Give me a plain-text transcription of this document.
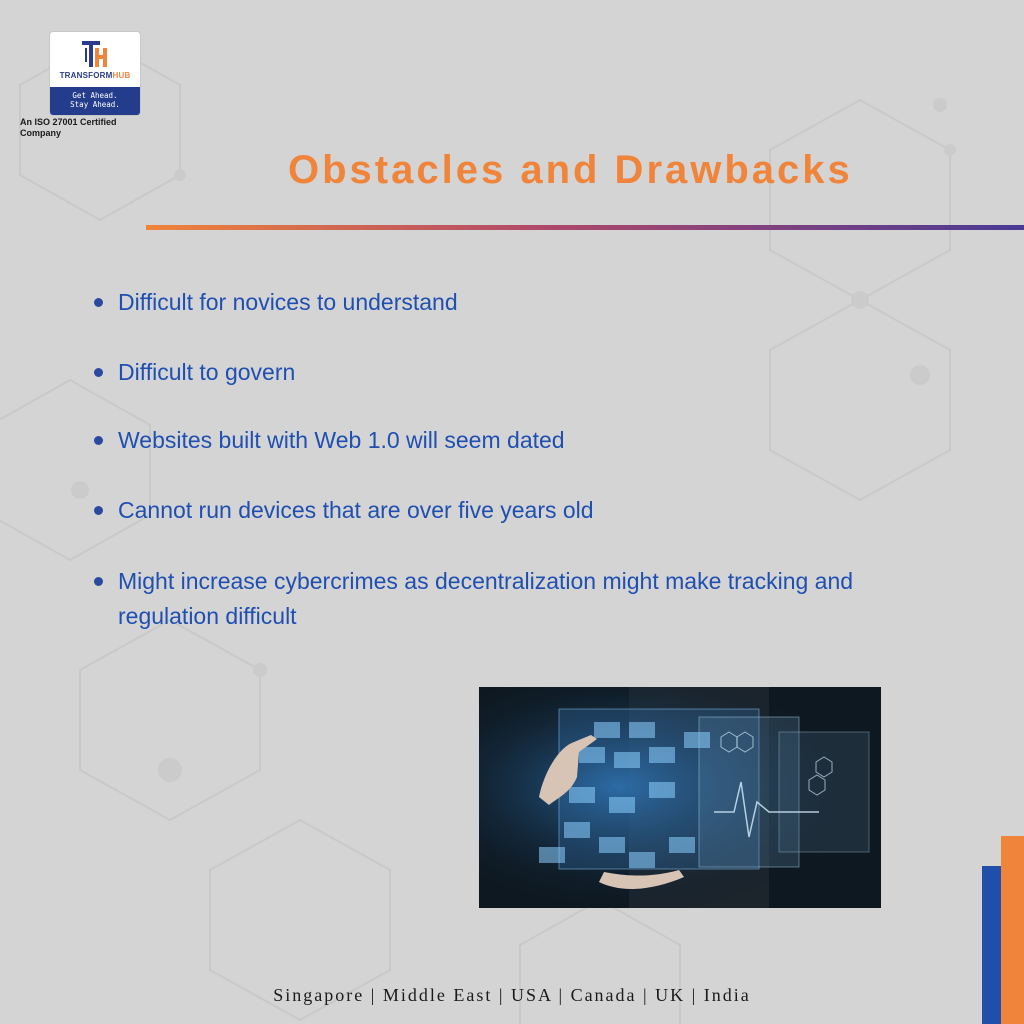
TRANSFORMHUB
Get Ahead.
Stay Ahead.
An ISO 27001 Certified Company
Obstacles and Drawbacks
Difficult for novices to understand
Difficult to govern
Websites built with Web 1.0 will seem dated
Cannot run devices that are over five years old
Might increase cybercrimes as decentralization might make tracking and regulation difficult
Singapore | Middle East | USA | Canada | UK | India
